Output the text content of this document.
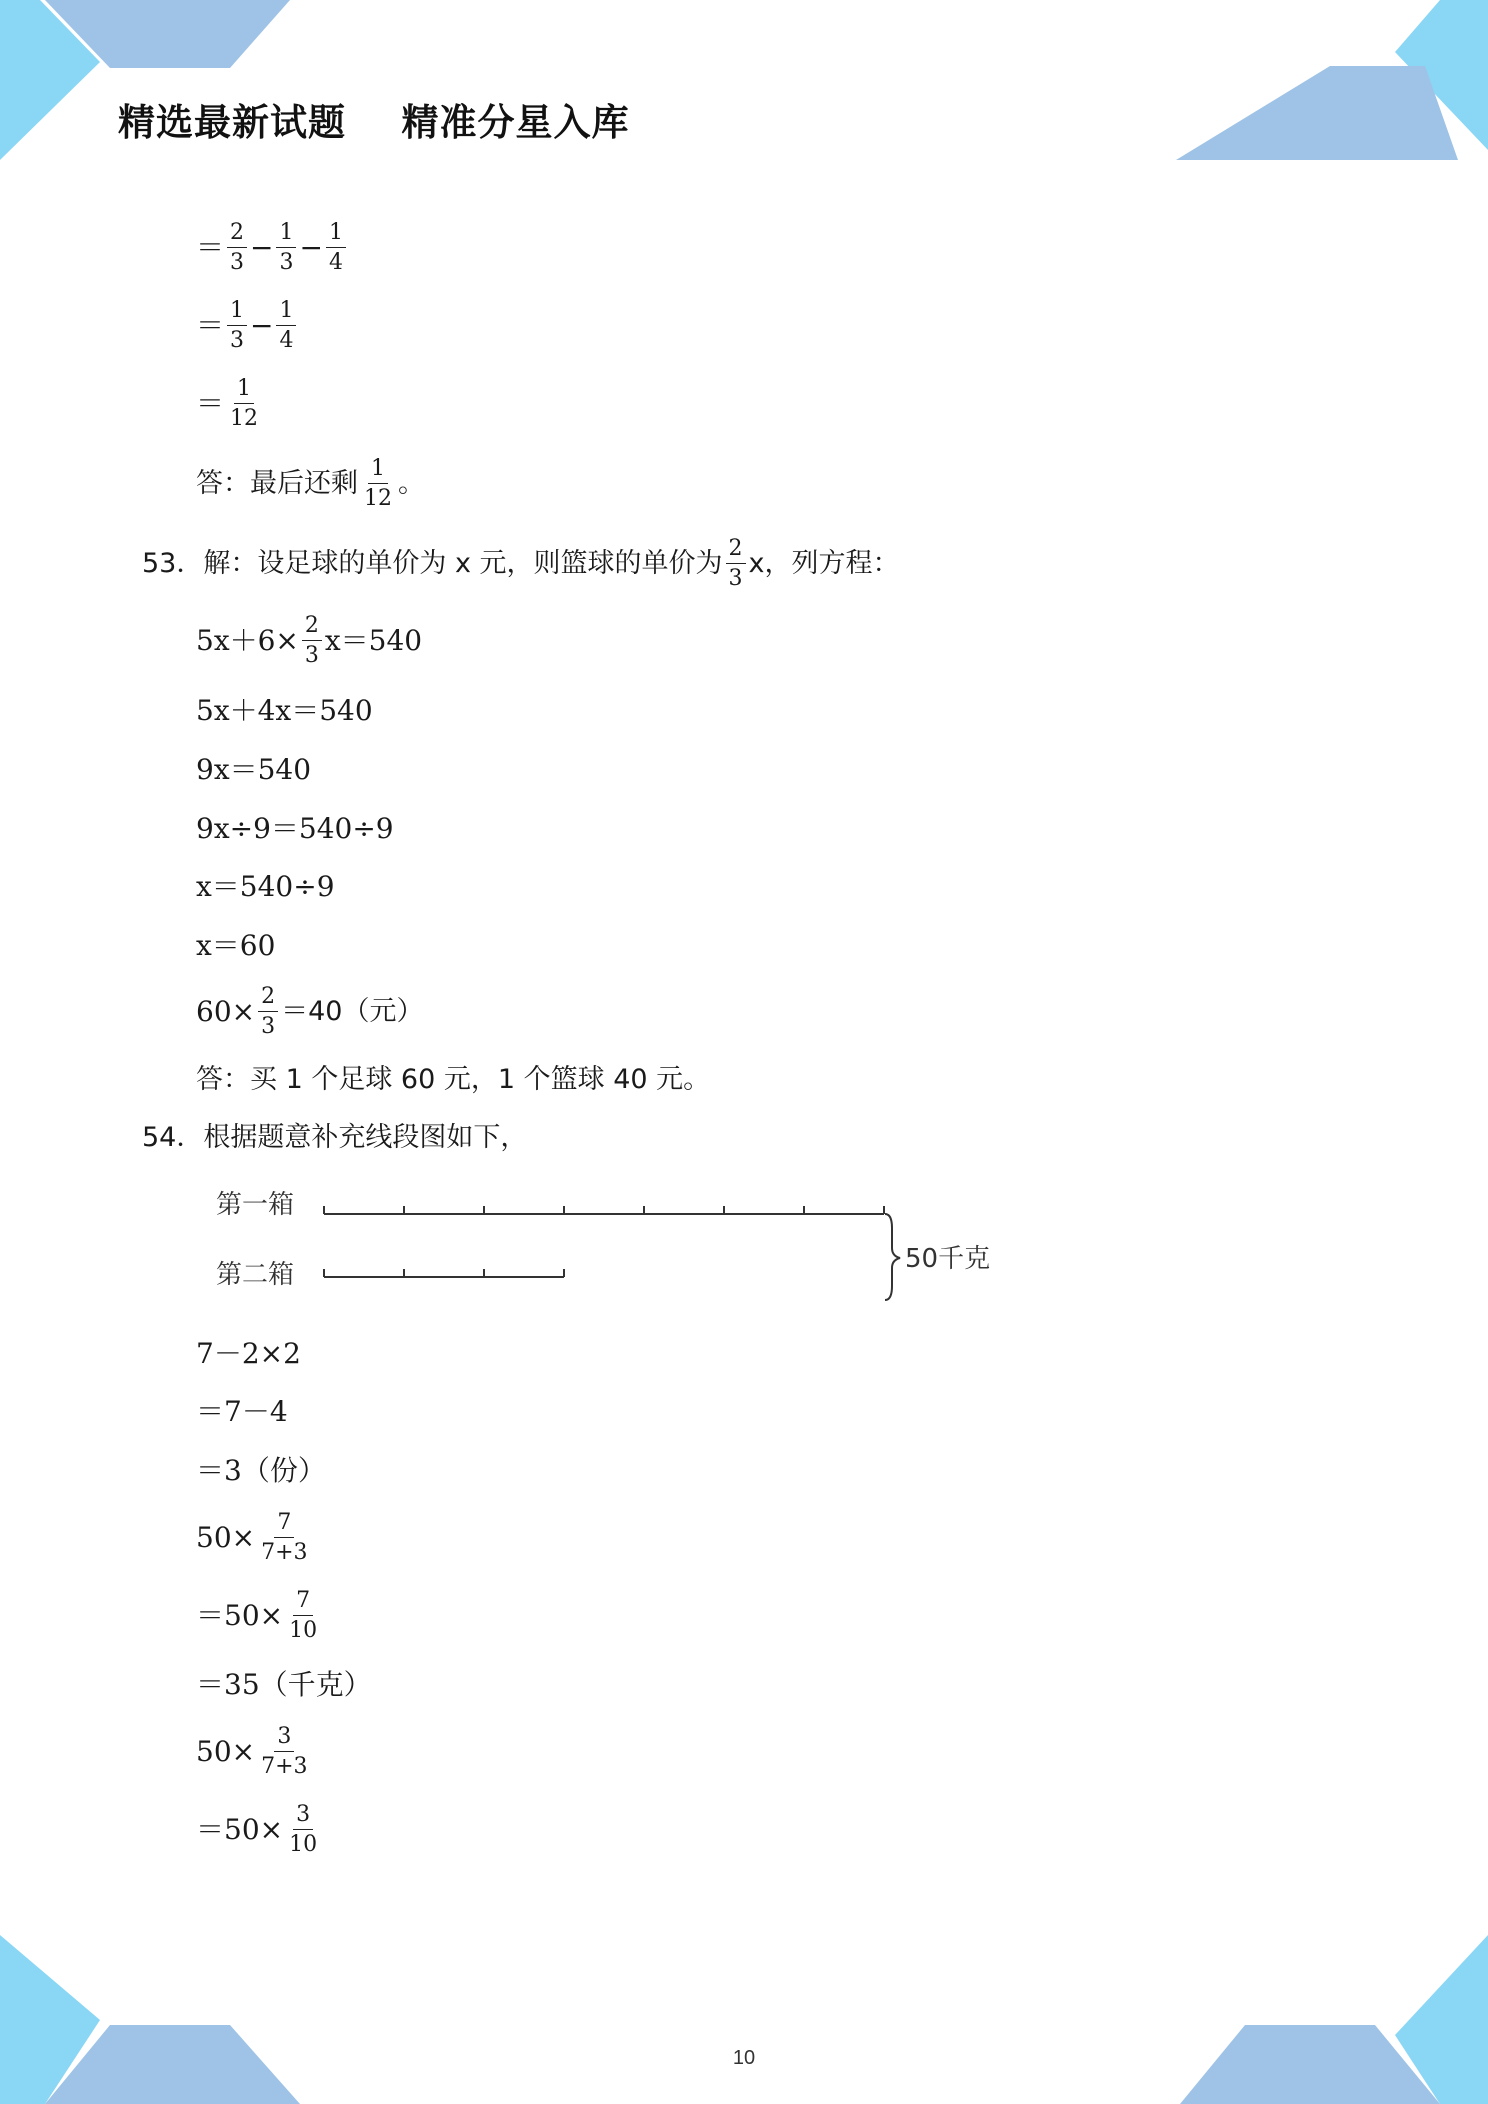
精选最新试题    精准分星入库
＝ $\frac{2}{3} - \frac{1}{3} - \frac{1}{4}$
＝ $\frac{1}{3} - \frac{1}{4}$
＝ $\frac{1}{12}$
答：最后还剩 $\frac{1}{12}$ 。
53．解：设足球的单价为 x 元，则篮球的单价为 $\frac{2}{3}$ x，列方程：
$5x+6\times \frac{2}{3} x=540$
5x＋4x＝540
9x＝540
9x÷9＝540÷9
x＝540÷9
x＝60
$60\times \frac{2}{3} =40$（元）
答：买 1 个足球 60 元，1 个篮球 40 元。
54．根据题意补充线段图如下，
第一箱
第二箱
50千克
7－2×2
＝7－4
＝3（份）
$50\times \frac{7}{7+3}$
$=50\times \frac{7}{10}$
＝35（千克）
$50\times \frac{3}{7+3}$
$=50\times \frac{3}{10}$
10
